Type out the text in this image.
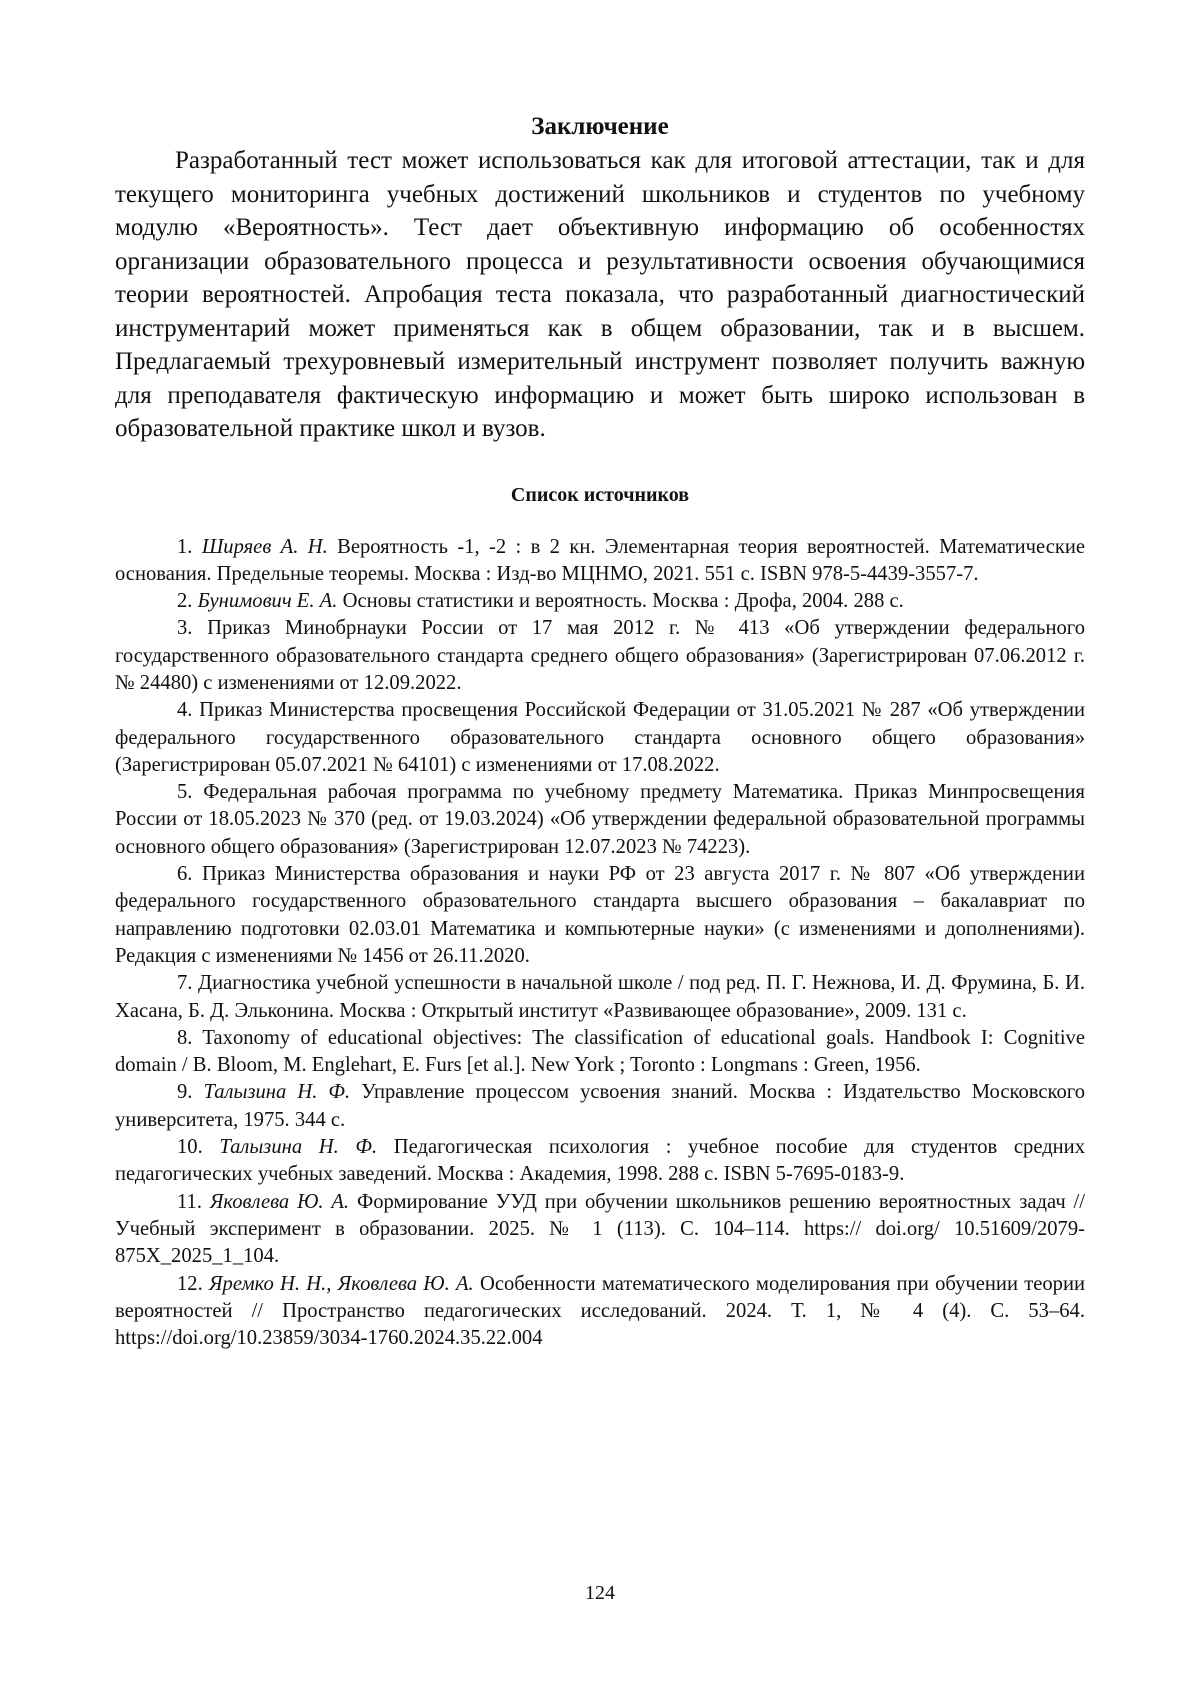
Заключение

Разработанный тест может использоваться как для итоговой аттестации, так и для текущего мониторинга учебных достижений школьников и студентов по учебному модулю «Вероятность». Тест дает объективную информацию об особенностях организации образовательного процесса и результативности освоения обучающимися теории вероятностей. Апробация теста показала, что разработанный диагностический инструментарий может применяться как в общем образовании, так и в высшем. Предлагаемый трехуровневый измерительный инструмент позволяет получить важную для преподавателя фактическую информацию и может быть широко использован в образовательной практике школ и вузов.

Список источников

1. Ширяев А. Н. Вероятность -1, -2 : в 2 кн. Элементарная теория вероятностей. Математические основания. Предельные теоремы. Москва : Изд-во МЦНМО, 2021. 551 с. ISBN 978-5-4439-3557-7.

2. Бунимович Е. А. Основы статистики и вероятность. Москва : Дрофа, 2004. 288 с.

3. Приказ Минобрнауки России от 17 мая 2012 г. № 413 «Об утверждении федерального государственного образовательного стандарта среднего общего образования» (Зарегистрирован 07.06.2012 г. № 24480) с изменениями от 12.09.2022.

4. Приказ Министерства просвещения Российской Федерации от 31.05.2021 № 287 «Об утверждении федерального государственного образовательного стандарта основного общего образования» (Зарегистрирован 05.07.2021 № 64101) с изменениями от 17.08.2022.

5. Федеральная рабочая программа по учебному предмету Математика. Приказ Минпросвещения России от 18.05.2023 № 370 (ред. от 19.03.2024) «Об утверждении федеральной образовательной программы основного общего образования» (Зарегистрирован 12.07.2023 № 74223).

6. Приказ Министерства образования и науки РФ от 23 августа 2017 г. № 807 «Об утверждении федерального государственного образовательного стандарта высшего образования – бакалавриат по направлению подготовки 02.03.01 Математика и компьютерные науки» (с изменениями и дополнениями). Редакция с изменениями № 1456 от 26.11.2020.

7. Диагностика учебной успешности в начальной школе / под ред. П. Г. Нежнова, И. Д. Фрумина, Б. И. Хасана, Б. Д. Эльконина. Москва : Открытый институт «Развивающее образование», 2009. 131 с.

8. Taxonomy of educational objectives: The classification of educational goals. Handbook I: Cognitive domain / B. Bloom, M. Englehart, E. Furs [et al.]. New York ; Toronto : Longmans : Green, 1956.

9. Талызина Н. Ф. Управление процессом усвоения знаний. Москва : Издательство Московского университета, 1975. 344 с.

10. Талызина Н. Ф. Педагогическая психология : учебное пособие для студентов средних педагогических учебных заведений. Москва : Академия, 1998. 288 с. ISBN 5-7695-0183-9.

11. Яковлева Ю. А. Формирование УУД при обучении школьников решению вероятностных задач // Учебный эксперимент в образовании. 2025. № 1 (113). С. 104–114. https:// doi.org/ 10.51609/2079-875X_2025_1_104.

12. Яремко Н. Н., Яковлева Ю. А. Особенности математического моделирования при обучении теории вероятностей // Пространство педагогических исследований. 2024. Т. 1, № 4 (4). С. 53–64. https://doi.org/10.23859/3034-1760.2024.35.22.004

124
